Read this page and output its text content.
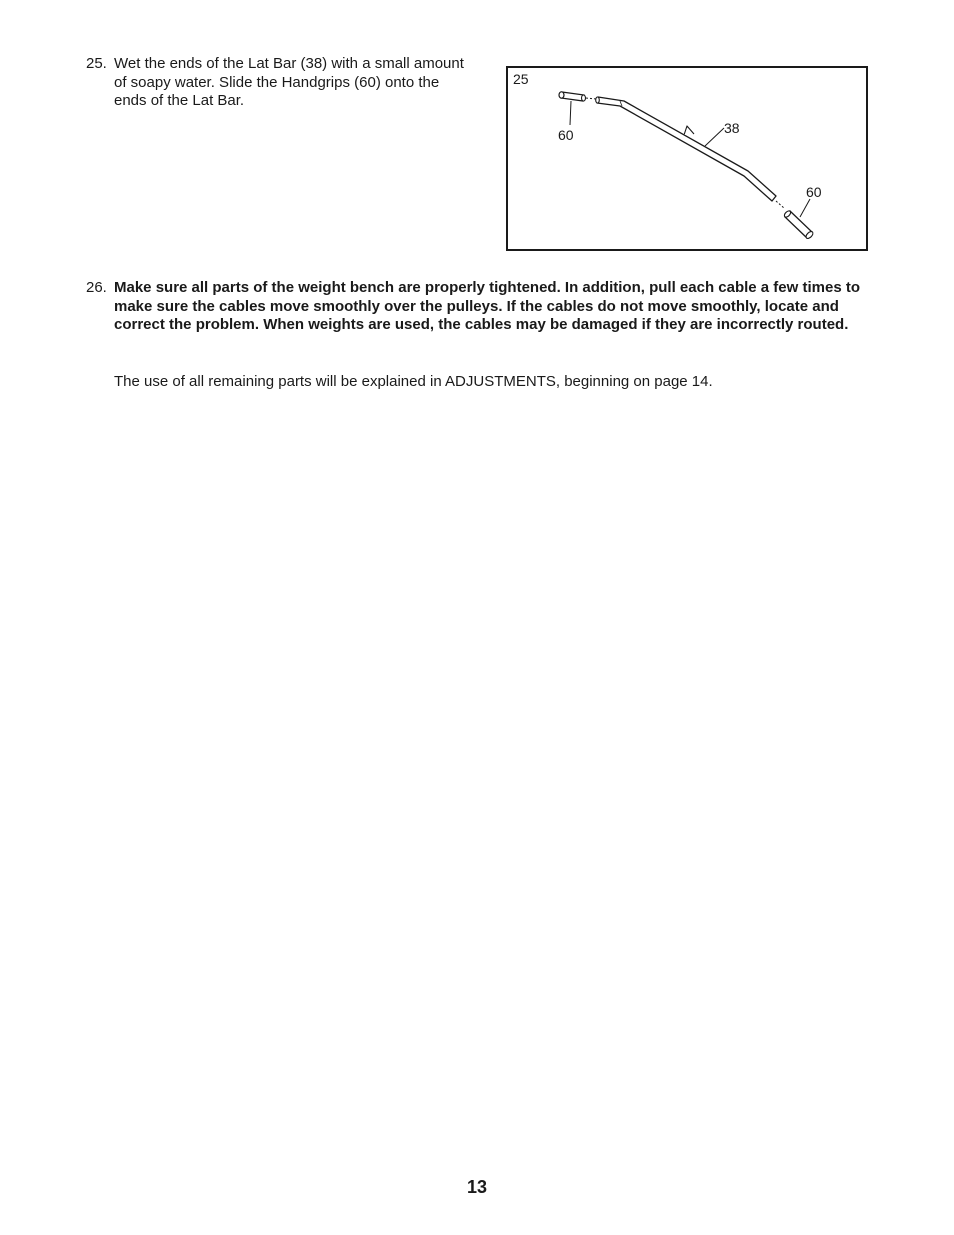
25. Wet the ends of the Lat Bar (38) with a small amount of soapy water. Slide the Handgrips (60) onto the ends of the Lat Bar.
25
60	38
60
26. Make sure all parts of the weight bench are properly tightened. In addition, pull each cable a few times to make sure the cables move smoothly over the pulleys. If the cables do not move smoothly, locate and correct the problem. When weights are used, the cables may be damaged if they are incorrectly routed.
The use of all remaining parts will be explained in ADJUSTMENTS, beginning on page 14.
13
